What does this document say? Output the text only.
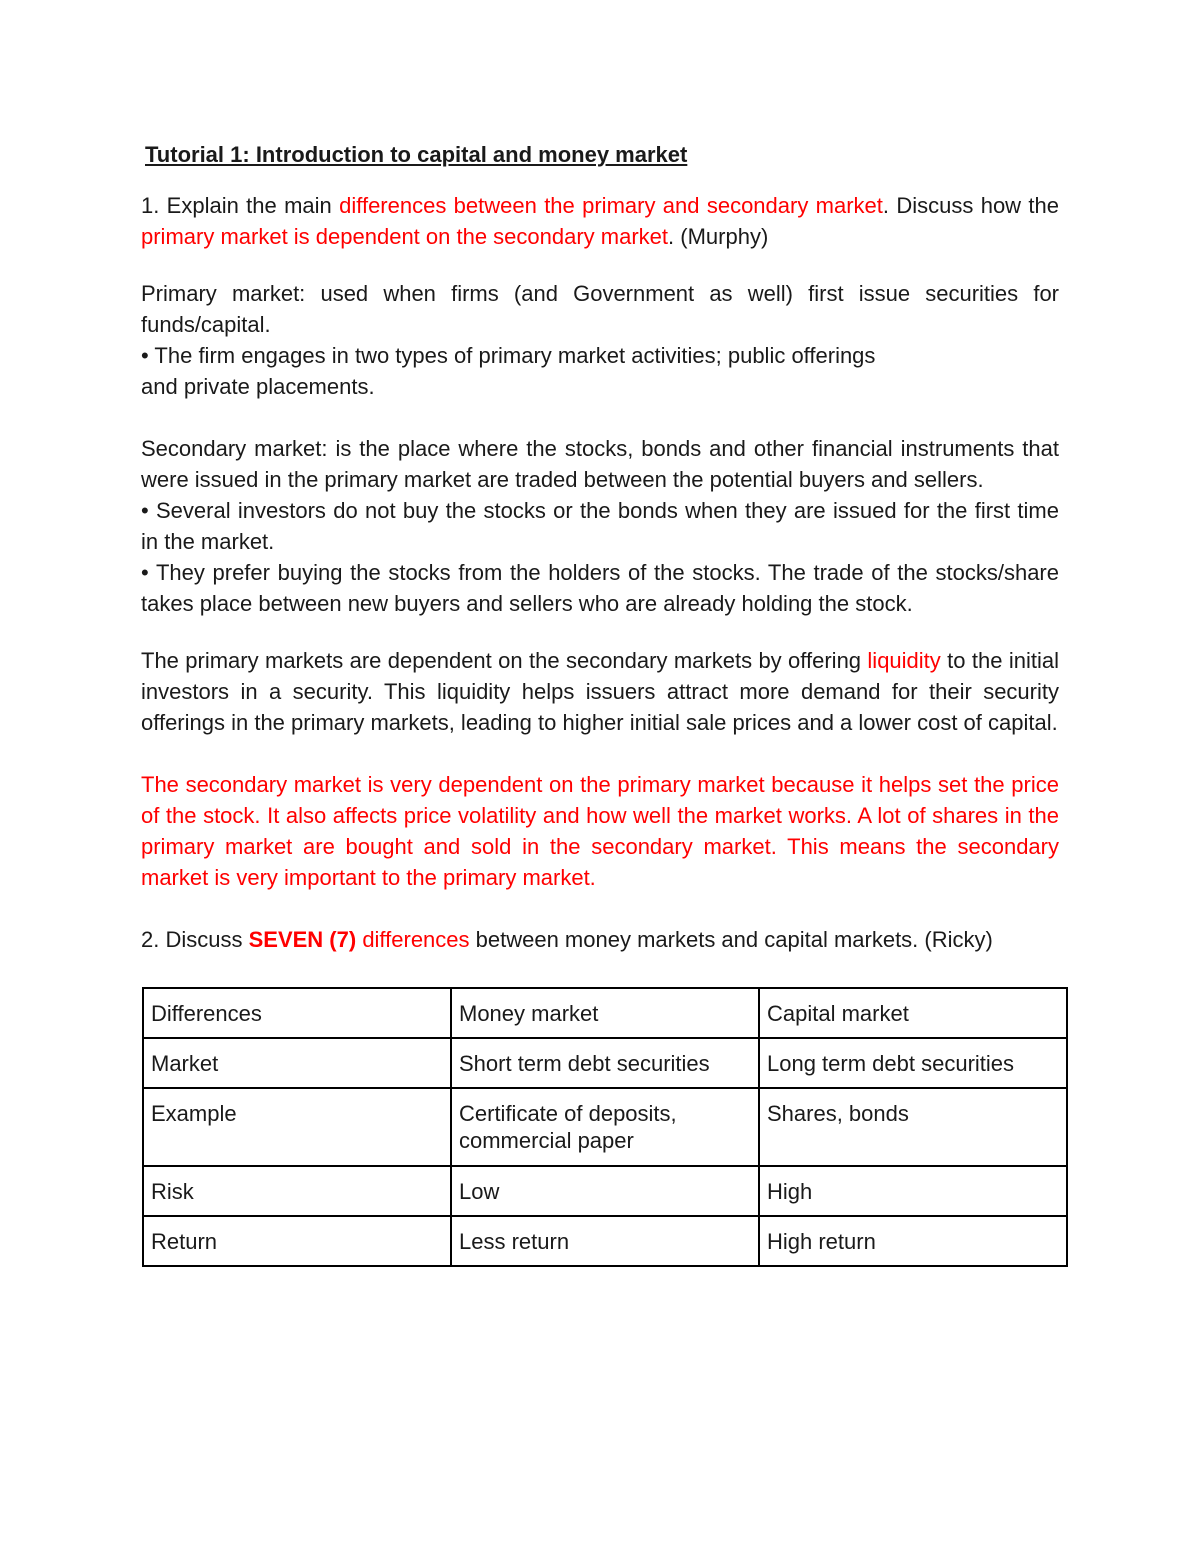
Tutorial 1: Introduction to capital and money market

1. Explain the main differences between the primary and secondary market. Discuss how the primary market is dependent on the secondary market. (Murphy)

Primary market: used when firms (and Government as well) first issue securities for funds/capital.

• The firm engages in two types of primary market activities; public offerings

and private placements.

Secondary market: is the place where the stocks, bonds and other financial instruments that were issued in the primary market are traded between the potential buyers and sellers.

• Several investors do not buy the stocks or the bonds when they are issued for the first time in the market.

• They prefer buying the stocks from the holders of the stocks. The trade of the stocks/share takes place between new buyers and sellers who are already holding the stock.

The primary markets are dependent on the secondary markets by offering liquidity to the initial investors in a security. This liquidity helps issuers attract more demand for their security offerings in the primary markets, leading to higher initial sale prices and a lower cost of capital.

The secondary market is very dependent on the primary market because it helps set the price of the stock. It also affects price volatility and how well the market works. A lot of shares in the primary market are bought and sold in the secondary market. This means the secondary market is very important to the primary market.

2. Discuss SEVEN (7) differences between money markets and capital markets. (Ricky)

Differences	Money market	Capital market
Market	Short term debt securities	Long term debt securities
Example	Certificate of deposits, commercial paper	Shares, bonds
Risk	Low	High
Return	Less return	High return
